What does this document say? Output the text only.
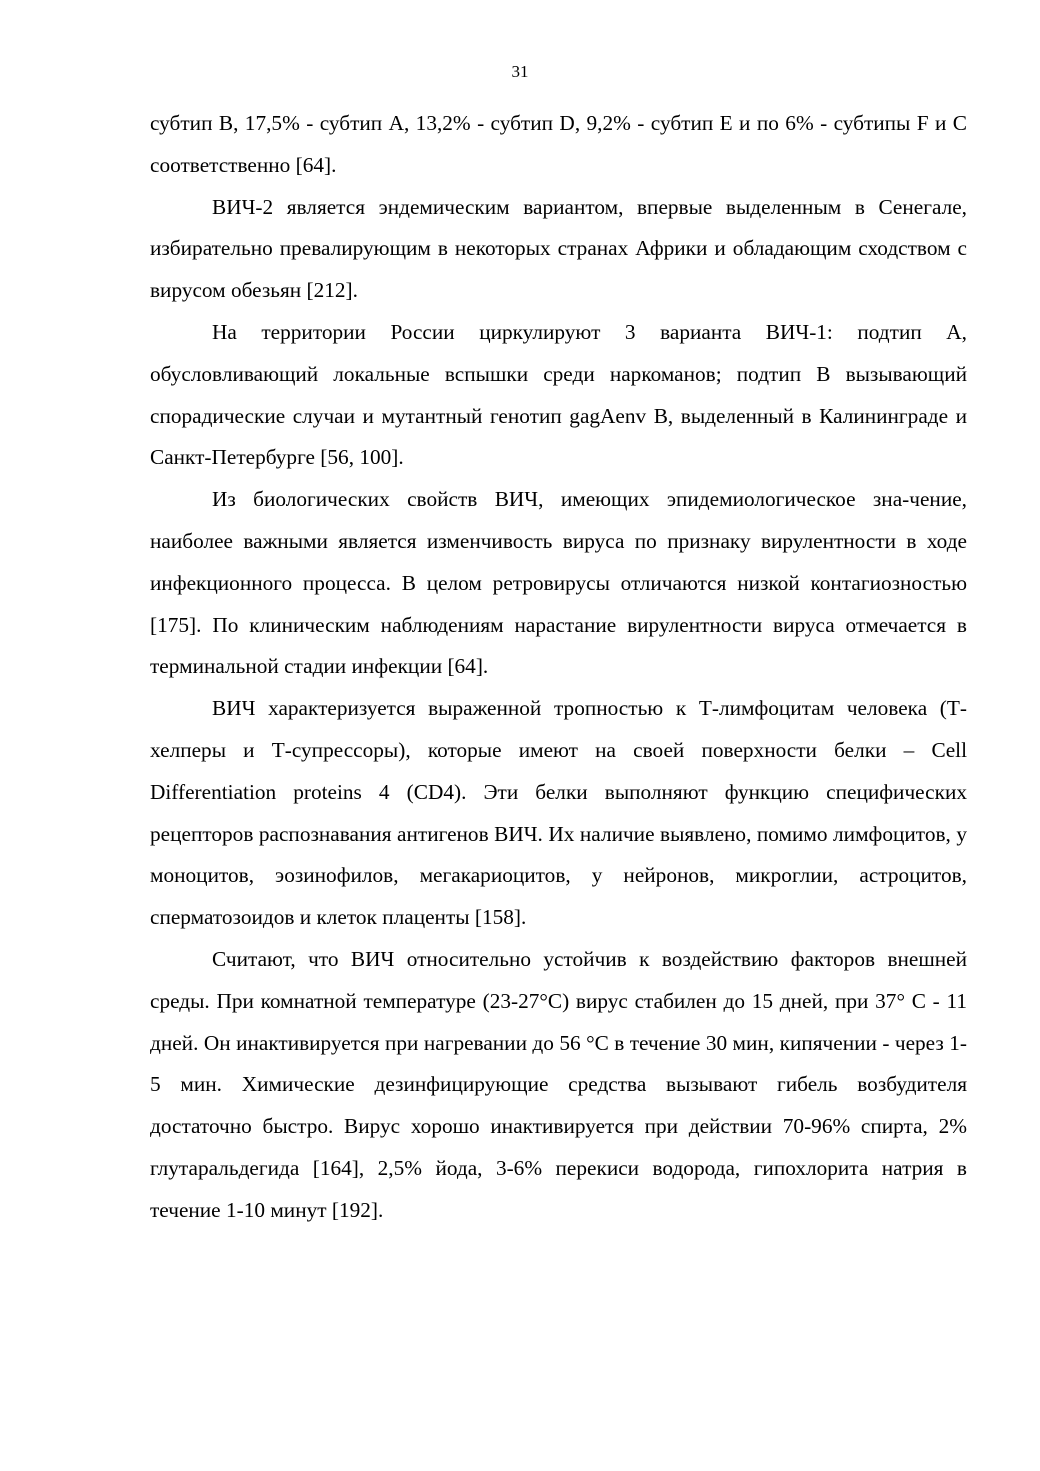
31

субтип В, 17,5% - субтип А, 13,2% - субтип D, 9,2% - субтип Е и по 6% - субтипы F и С соответственно [64].

ВИЧ-2 является эндемическим вариантом, впервые выделенным в Сенегале, избирательно превалирующим в некоторых странах Африки и обладающим сходством с вирусом обезьян [212].

На территории России циркулируют 3 варианта ВИЧ-1: подтип А, обусловливающий локальные вспышки среди наркоманов; подтип В вызывающий спорадические случаи и мутантный генотип gagAenv В, выделенный в Калининграде и Санкт-Петербурге [56, 100].

Из биологических свойств ВИЧ, имеющих эпидемиологическое зна-чение, наиболее важными является изменчивость вируса по признаку вирулентности в ходе инфекционного процесса. В целом ретровирусы отличаются низкой контагиозностью [175]. По клиническим наблюдениям нарастание вирулентности вируса отмечается в терминальной стадии инфекции [64].

ВИЧ характеризуется выраженной тропностью к Т-лимфоцитам человека (Т-хелперы и Т-супрессоры), которые имеют на своей поверхности белки – Cell Differentiation proteins 4 (CD4). Эти белки выполняют функцию специфических рецепторов распознавания антигенов ВИЧ. Их наличие выявлено, помимо лимфоцитов, у моноцитов, эозинофилов, мегакариоцитов, у нейронов, микроглии, астроцитов, сперматозоидов и клеток плаценты [158].

Считают, что ВИЧ относительно устойчив к воздействию факторов внешней среды. При комнатной температуре (23-27°С) вирус стабилен до 15 дней, при 37° С - 11 дней. Он инактивируется при нагревании до 56 °С в течение 30 мин, кипячении - через 1-5 мин. Химические дезинфицирующие средства вызывают гибель возбудителя достаточно быстро. Вирус хорошо инактивируется при действии 70-96% спирта, 2% глутаральдегида [164], 2,5% йода, 3-6% перекиси водорода, гипохлорита натрия в течение 1-10 минут [192].
